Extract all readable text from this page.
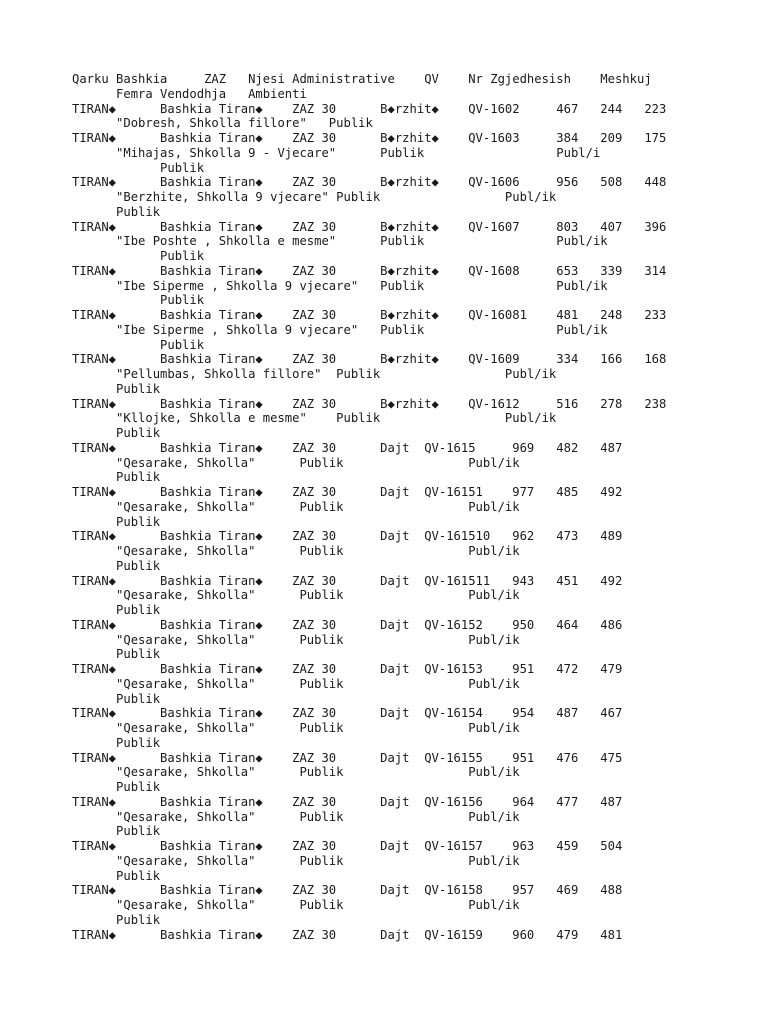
Qarku Bashkia     ZAZ   Njesi Administrative    QV    Nr Zgjedhesish    Meshkuj
Femra Vendodhja   Ambienti
TIRAN◆      Bashkia Tiran◆    ZAZ 30      B◆rzhit◆    QV-1602     467   244   223
"Dobresh, Shkolla fillore"   Publik
TIRAN◆      Bashkia Tiran◆    ZAZ 30      B◆rzhit◆    QV-1603     384   209   175
"Mihajas, Shkolla 9 - Vjecare"      Publik                  Publ/i
Publik
TIRAN◆      Bashkia Tiran◆    ZAZ 30      B◆rzhit◆    QV-1606     956   508   448
"Berzhite, Shkolla 9 vjecare" Publik                 Publ/ik
Publik
TIRAN◆      Bashkia Tiran◆    ZAZ 30      B◆rzhit◆    QV-1607     803   407   396
"Ibe Poshte , Shkolla e mesme"      Publik                  Publ/ik
Publik
TIRAN◆      Bashkia Tiran◆    ZAZ 30      B◆rzhit◆    QV-1608     653   339   314
"Ibe Siperme , Shkolla 9 vjecare"   Publik                  Publ/ik
Publik
TIRAN◆      Bashkia Tiran◆    ZAZ 30      B◆rzhit◆    QV-16081    481   248   233
"Ibe Siperme , Shkolla 9 vjecare"   Publik                  Publ/ik
Publik
TIRAN◆      Bashkia Tiran◆    ZAZ 30      B◆rzhit◆    QV-1609     334   166   168
"Pellumbas, Shkolla fillore"  Publik                 Publ/ik
Publik
TIRAN◆      Bashkia Tiran◆    ZAZ 30      B◆rzhit◆    QV-1612     516   278   238
"Kllojke, Shkolla e mesme"    Publik                 Publ/ik
Publik
TIRAN◆      Bashkia Tiran◆    ZAZ 30      Dajt  QV-1615     969   482   487
"Qesarake, Shkolla"      Publik                 Publ/ik
Publik
TIRAN◆      Bashkia Tiran◆    ZAZ 30      Dajt  QV-16151    977   485   492
"Qesarake, Shkolla"      Publik                 Publ/ik
Publik
TIRAN◆      Bashkia Tiran◆    ZAZ 30      Dajt  QV-161510   962   473   489
"Qesarake, Shkolla"      Publik                 Publ/ik
Publik
TIRAN◆      Bashkia Tiran◆    ZAZ 30      Dajt  QV-161511   943   451   492
"Qesarake, Shkolla"      Publik                 Publ/ik
Publik
TIRAN◆      Bashkia Tiran◆    ZAZ 30      Dajt  QV-16152    950   464   486
"Qesarake, Shkolla"      Publik                 Publ/ik
Publik
TIRAN◆      Bashkia Tiran◆    ZAZ 30      Dajt  QV-16153    951   472   479
"Qesarake, Shkolla"      Publik                 Publ/ik
Publik
TIRAN◆      Bashkia Tiran◆    ZAZ 30      Dajt  QV-16154    954   487   467
"Qesarake, Shkolla"      Publik                 Publ/ik
Publik
TIRAN◆      Bashkia Tiran◆    ZAZ 30      Dajt  QV-16155    951   476   475
"Qesarake, Shkolla"      Publik                 Publ/ik
Publik
TIRAN◆      Bashkia Tiran◆    ZAZ 30      Dajt  QV-16156    964   477   487
"Qesarake, Shkolla"      Publik                 Publ/ik
Publik
TIRAN◆      Bashkia Tiran◆    ZAZ 30      Dajt  QV-16157    963   459   504
"Qesarake, Shkolla"      Publik                 Publ/ik
Publik
TIRAN◆      Bashkia Tiran◆    ZAZ 30      Dajt  QV-16158    957   469   488
"Qesarake, Shkolla"      Publik                 Publ/ik
Publik
TIRAN◆      Bashkia Tiran◆    ZAZ 30      Dajt  QV-16159    960   479   481
